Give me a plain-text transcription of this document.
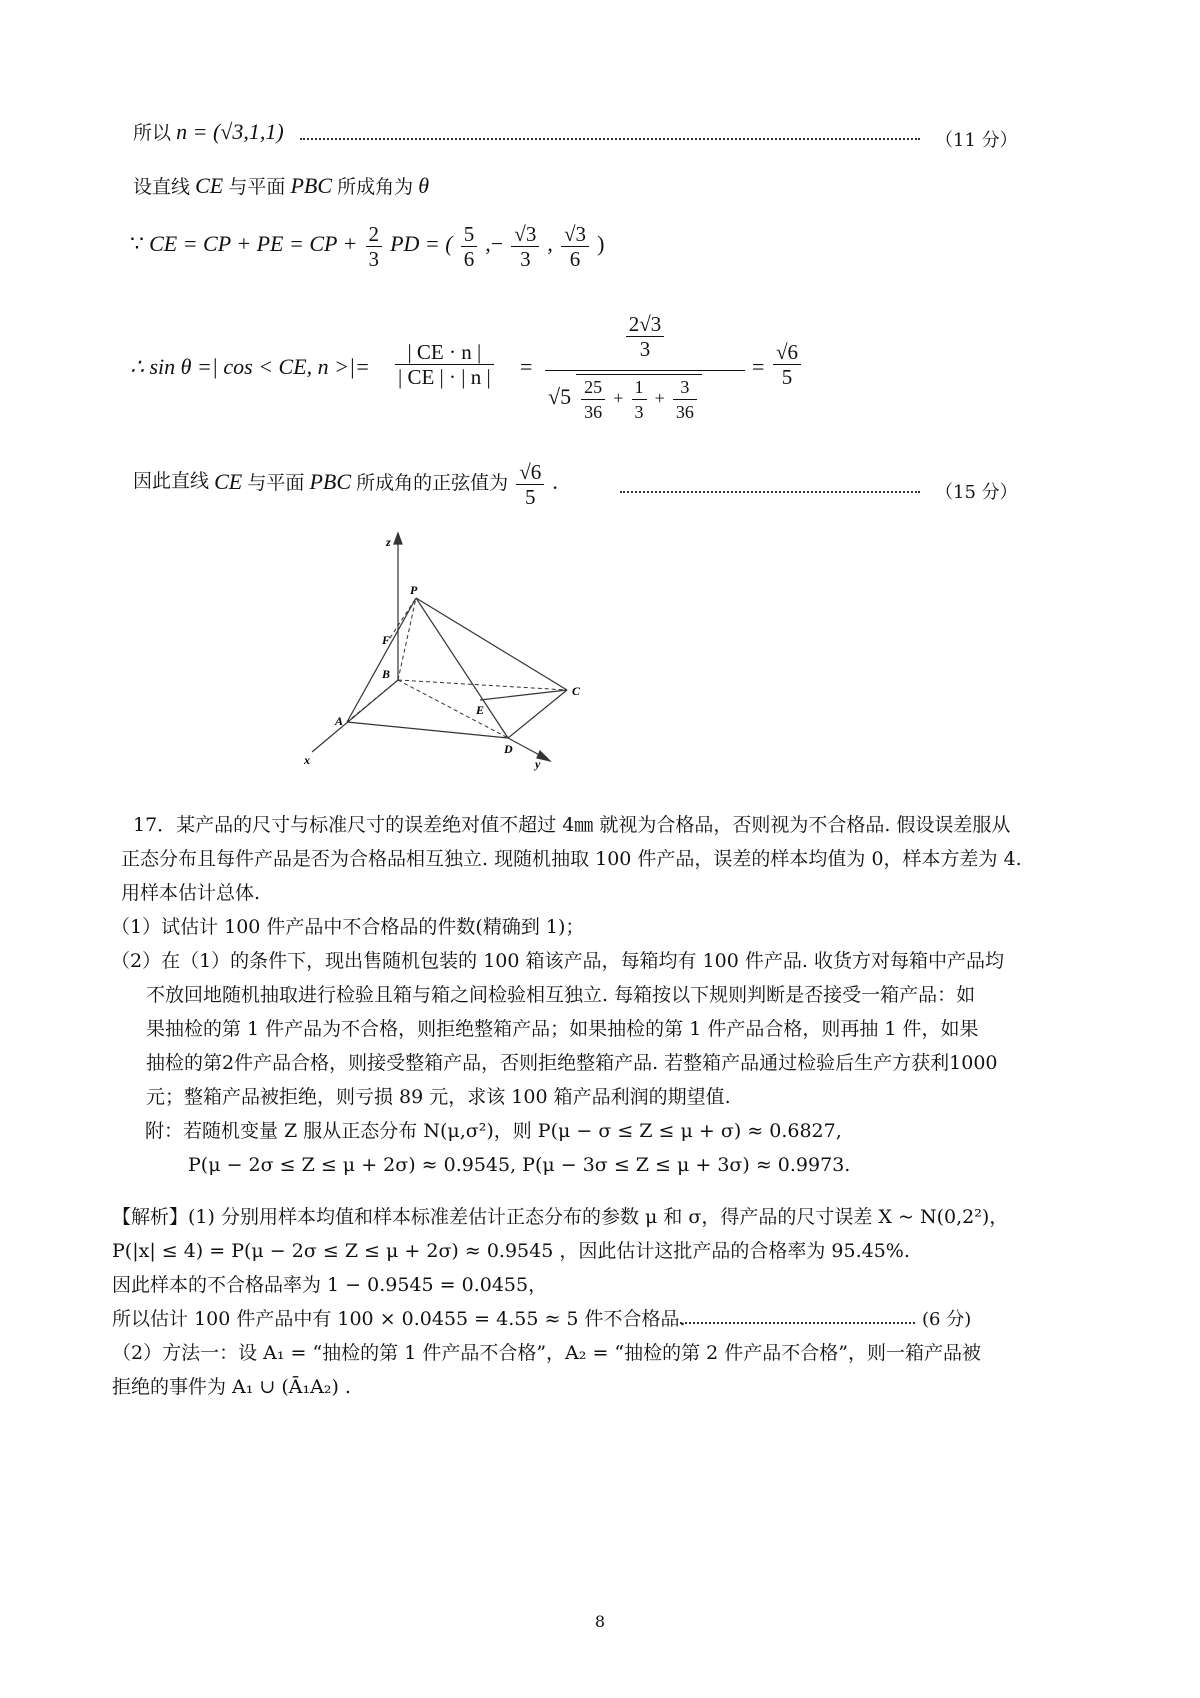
所以 n = (√3,1,1)	（11 分）
设直线 CE 与平面 PBC 所成角为 θ
∵ CE = CP + PE = CP + $\frac{2}{3}$ PD = ( $\frac{5}{6}$ ,− $\frac{√3}{3}$ , $\frac{√3}{6}$ )
∴ sin θ =| cos < CE, n >|= $\frac{| CE \cdot n |}{| CE | \cdot | n |}$ =
$\frac{2√3}{3}$
$√5 \frac{25}{36} + \frac{1}{3} + \frac{3}{36}$
= $\frac{√6}{5}$
因此直线 CE 与平面 PBC 所成角的正弦值为 $\frac{√6}{5}$ .	（15 分）
z
P
F
B
E
C
A
D
x	y
17．某产品的尺寸与标准尺寸的误差绝对值不超过 4㎜ 就视为合格品，否则视为不合格品. 假设误差服从
正态分布且每件产品是否为合格品相互独立. 现随机抽取 100 件产品，误差的样本均值为 0，样本方差为 4.
用样本估计总体.
（1）试估计 100 件产品中不合格品的件数(精确到 1)；
（2）在（1）的条件下，现出售随机包装的 100 箱该产品，每箱均有 100 件产品. 收货方对每箱中产品均
不放回地随机抽取进行检验且箱与箱之间检验相互独立. 每箱按以下规则判断是否接受一箱产品：如
果抽检的第 1 件产品为不合格，则拒绝整箱产品；如果抽检的第 1 件产品合格，则再抽 1 件，如果
抽检的第2件产品合格，则接受整箱产品，否则拒绝整箱产品. 若整箱产品通过检验后生产方获利1000
元；整箱产品被拒绝，则亏损 89 元，求该 100 箱产品利润的期望值.
附：若随机变量 Z 服从正态分布 N(μ,σ²)，则 P(μ − σ ≤ Z ≤ μ + σ) ≈ 0.6827,
P(μ − 2σ ≤ Z ≤ μ + 2σ) ≈ 0.9545, P(μ − 3σ ≤ Z ≤ μ + 3σ) ≈ 0.9973.
【解析】(1) 分别用样本均值和样本标准差估计正态分布的参数 μ 和 σ，得产品的尺寸误差 X ~ N(0,2²)，
P(|x| ≤ 4) = P(μ − 2σ ≤ Z ≤ μ + 2σ) ≈ 0.9545 ，因此估计这批产品的合格率为 95.45%.
因此样本的不合格品率为 1 − 0.9545 = 0.0455，
所以估计 100 件产品中有 100 × 0.0455 = 4.55 ≈ 5 件不合格品.
（2）方法一：设 A₁ = “抽检的第 1 件产品不合格”，A₂ = “抽检的第 2 件产品不合格”，则一箱产品被
拒绝的事件为 A₁ ∪ (Ā₁A₂) .
(6 分)
8
